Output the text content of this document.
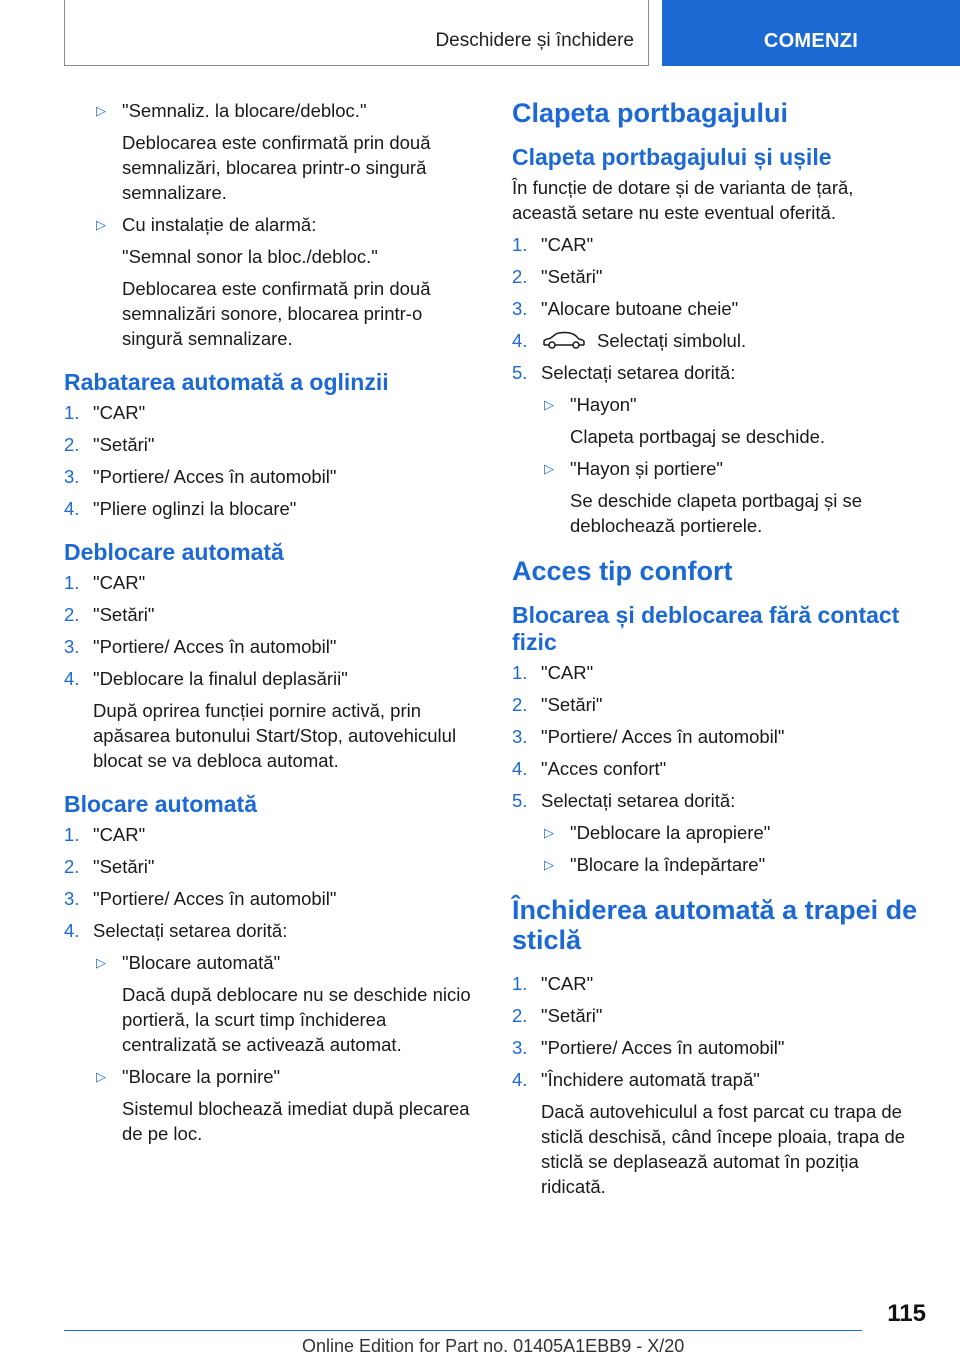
Deschidere și închidere	COMENZI
▷ "Semnaliz. la blocare/debloc."

Deblocarea este confirmată prin două semnalizări, blocarea printr-o singură semnalizare.

▷ Cu instalație de alarmă:

"Semnal sonor la bloc./debloc."

Deblocarea este confirmată prin două semnalizări sonore, blocarea printr-o singură semnalizare.

Rabatarea automată a oglinzii
1. "CAR"
2. "Setări"
3. "Portiere/ Acces în automobil"
4. "Pliere oglinzi la blocare"
Deblocare automată
1. "CAR"
2. "Setări"
3. "Portiere/ Acces în automobil"
4. "Deblocare la finalul deplasării"

După oprirea funcției pornire activă, prin apăsarea butonului Start/Stop, autovehiculul blocat se va debloca automat.

Blocare automată
1. "CAR"
2. "Setări"
3. "Portiere/ Acces în automobil"
4. Selectați setarea dorită:
▷ "Blocare automată"

Dacă după deblocare nu se deschide nicio portieră, la scurt timp închiderea centralizată se activează automat.

▷ "Blocare la pornire"

Sistemul blochează imediat după plecarea de pe loc.

Clapeta portbagajului
Clapeta portbagajului și ușile

În funcție de dotare și de varianta de țară, această setare nu este eventual oferită.

1. "CAR"
2. "Setări"
3. "Alocare butoane cheie"
4.	Selectați simbolul.
5. Selectați setarea dorită:
▷ "Hayon"

Clapeta portbagaj se deschide.

▷ "Hayon și portiere"

Se deschide clapeta portbagaj și se deblochează portierele.

Acces tip confort
Blocarea și deblocarea fără contact fizic
1. "CAR"
2. "Setări"
3. "Portiere/ Acces în automobil"
4. "Acces confort"
5. Selectați setarea dorită:
▷ "Deblocare la apropiere"
▷ "Blocare la îndepărtare"
Închiderea automată a trapei de sticlă
1. "CAR"
2. "Setări"
3. "Portiere/ Acces în automobil"
4. "Închidere automată trapă"

Dacă autovehiculul a fost parcat cu trapa de sticlă deschisă, când începe ploaia, trapa de sticlă se deplasează automat în poziția ridicată.

115
Online Edition for Part no. 01405A1EBB9 - X/20
